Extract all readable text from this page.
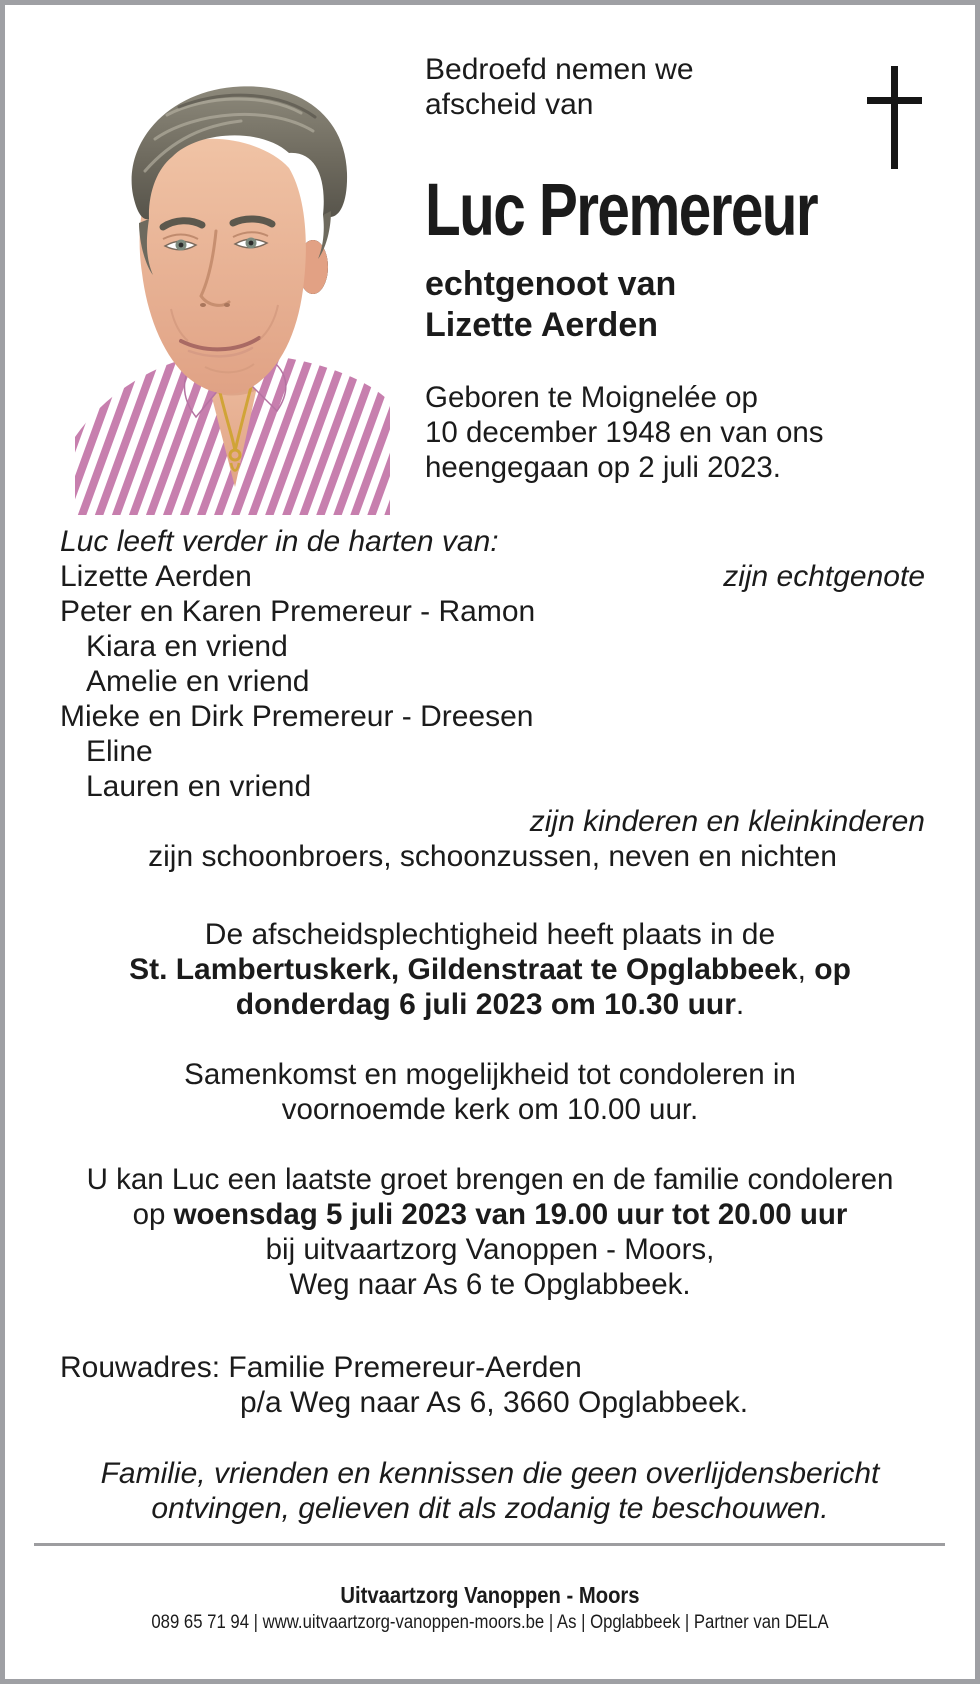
Bedroefd nemen we
afscheid van
Luc Premereur
echtgenoot van
Lizette Aerden
Geboren te Moignelée op
10 december 1948 en van ons
heengegaan op 2 juli 2023.
Luc leeft verder in de harten van:
Lizette Aerden	zijn echtgenote
Peter en Karen Premereur - Ramon
Kiara en vriend
Amelie en vriend
Mieke en Dirk Premereur - Dreesen
Eline
Lauren en vriend
zijn kinderen en kleinkinderen
zijn schoonbroers, schoonzussen, neven en nichten
De afscheidsplechtigheid heeft plaats in de
St. Lambertuskerk, Gildenstraat te Opglabbeek, op
donderdag 6 juli 2023 om 10.30 uur.
Samenkomst en mogelijkheid tot condoleren in
voornoemde kerk om 10.00 uur.
U kan Luc een laatste groet brengen en de familie condoleren
op woensdag 5 juli 2023 van 19.00 uur tot 20.00 uur
bij uitvaartzorg Vanoppen - Moors,
Weg naar As 6 te Opglabbeek.
Rouwadres: Familie Premereur-Aerden
p/a Weg naar As 6, 3660 Opglabbeek.
Familie, vrienden en kennissen die geen overlijdensbericht
ontvingen, gelieven dit als zodanig te beschouwen.
Uitvaartzorg Vanoppen - Moors
089 65 71 94 | www.uitvaartzorg-vanoppen-moors.be | As | Opglabbeek | Partner van DELA
